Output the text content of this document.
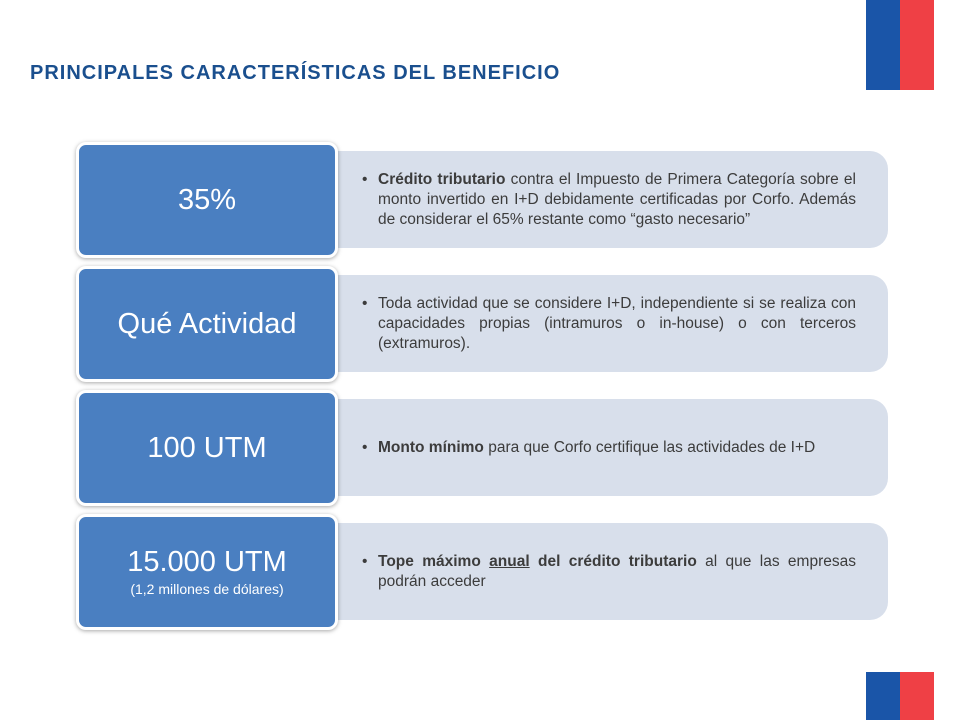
PRINCIPALES CARACTERÍSTICAS DEL BENEFICIO

• Crédito tributario contra el Impuesto de Primera Categoría sobre el monto invertido en I+D debidamente certificadas por Corfo. Además de considerar el 65% restante como “gasto necesario”

35%

• Toda actividad que se considere I+D, independiente si se realiza con capacidades propias (intramuros o in-house) o con terceros (extramuros).

Qué Actividad

• Monto mínimo para que Corfo certifique las actividades de I+D

100 UTM

• Tope máximo anual del crédito tributario al que las empresas podrán acceder

15.000 UTM
(1,2 millones de dólares)
